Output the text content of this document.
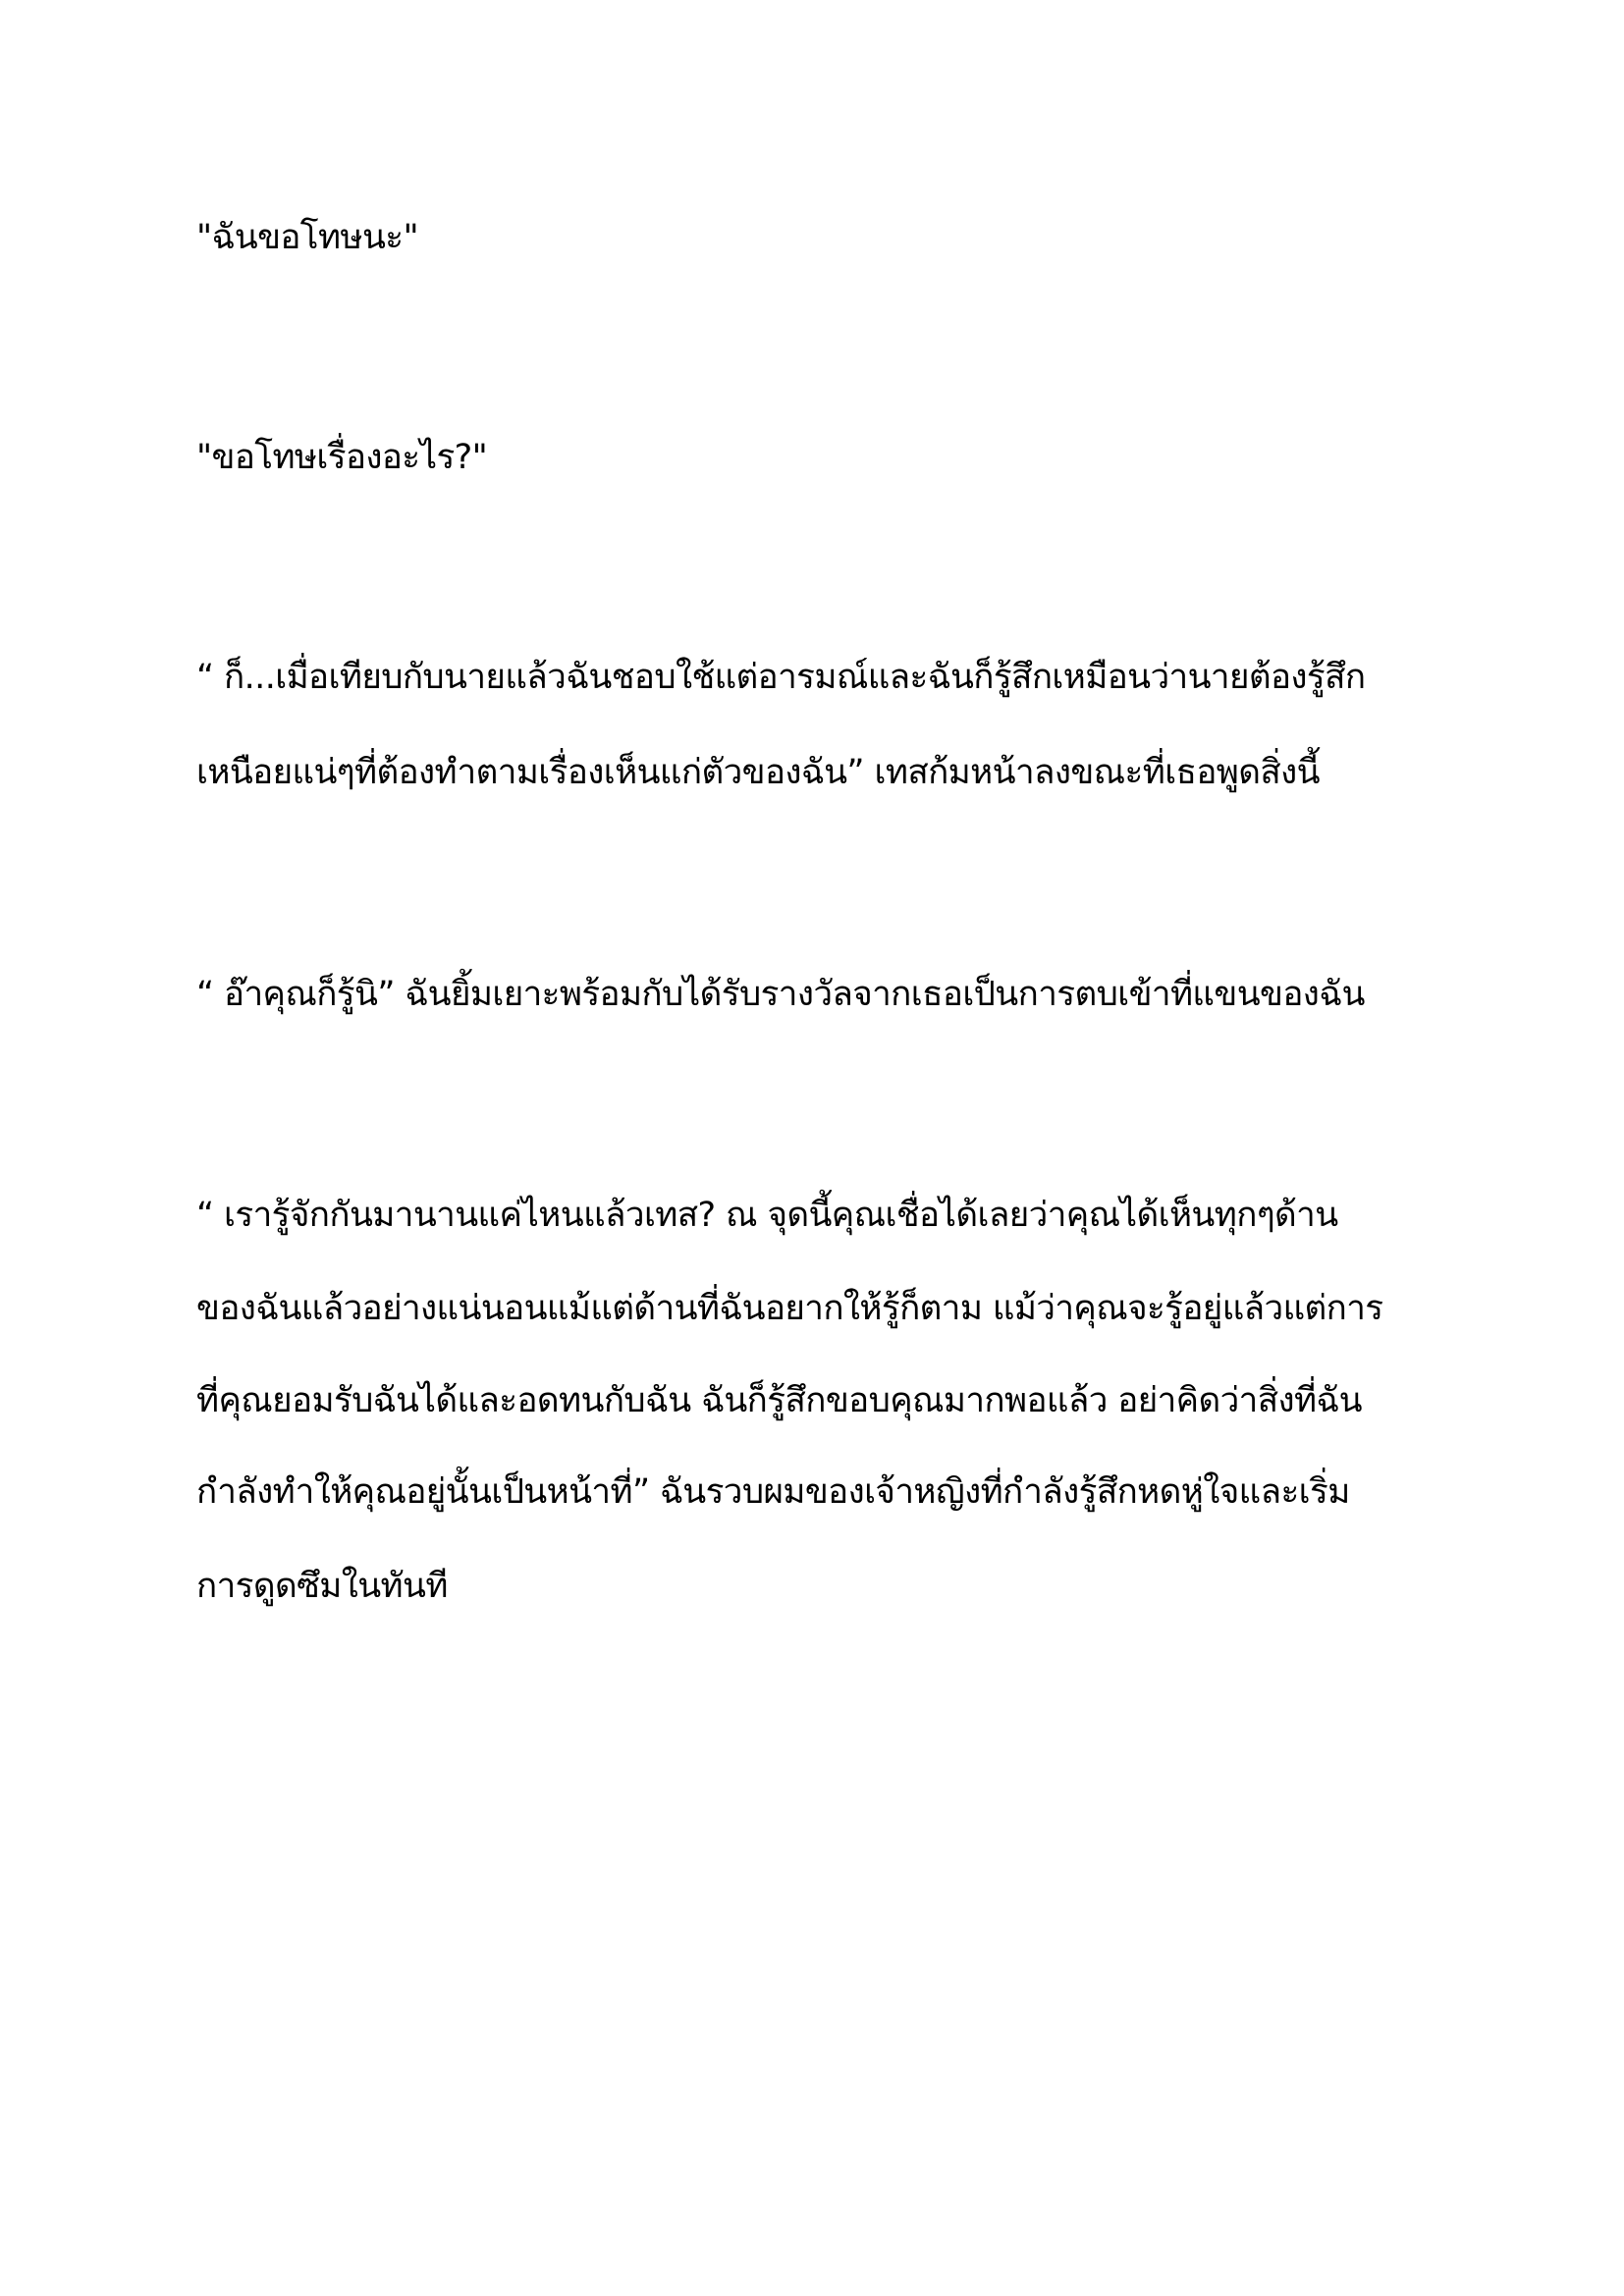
"ฉันขอโทษนะ"
"ขอโทษเรื่องอะไร?"
“ ก็...เมื่อเทียบกับนายแล้วฉันชอบใช้แต่อารมณ์และฉันก็รู้สึกเหมือนว่านายต้องรู้สึก
เหนือยแน่ๆที่ต้องทำตามเรื่องเห็นแก่ตัวของฉัน” เทสก้มหน้าลงขณะที่เธอพูดสิ่งนี้
“ อ๊าคุณก็รู้นิ” ฉันยิ้มเยาะพร้อมกับได้รับรางวัลจากเธอเป็นการตบเข้าที่แขนของฉัน
“ เรารู้จักกันมานานแค่ไหนแล้วเทส? ณ จุดนี้คุณเชื่อได้เลยว่าคุณได้เห็นทุกๆด้าน
ของฉันแล้วอย่างแน่นอนแม้แต่ด้านที่ฉันอยากให้รู้ก็ตาม แม้ว่าคุณจะรู้อยู่แล้วแต่การ
ที่คุณยอมรับฉันได้และอดทนกับฉัน ฉันก็รู้สึกขอบคุณมากพอแล้ว อย่าคิดว่าสิ่งที่ฉัน
กำลังทำให้คุณอยู่นั้นเป็นหน้าที่” ฉันรวบผมของเจ้าหญิงที่กำลังรู้สึกหดหู่ใจและเริ่ม
การดูดซึมในทันที
